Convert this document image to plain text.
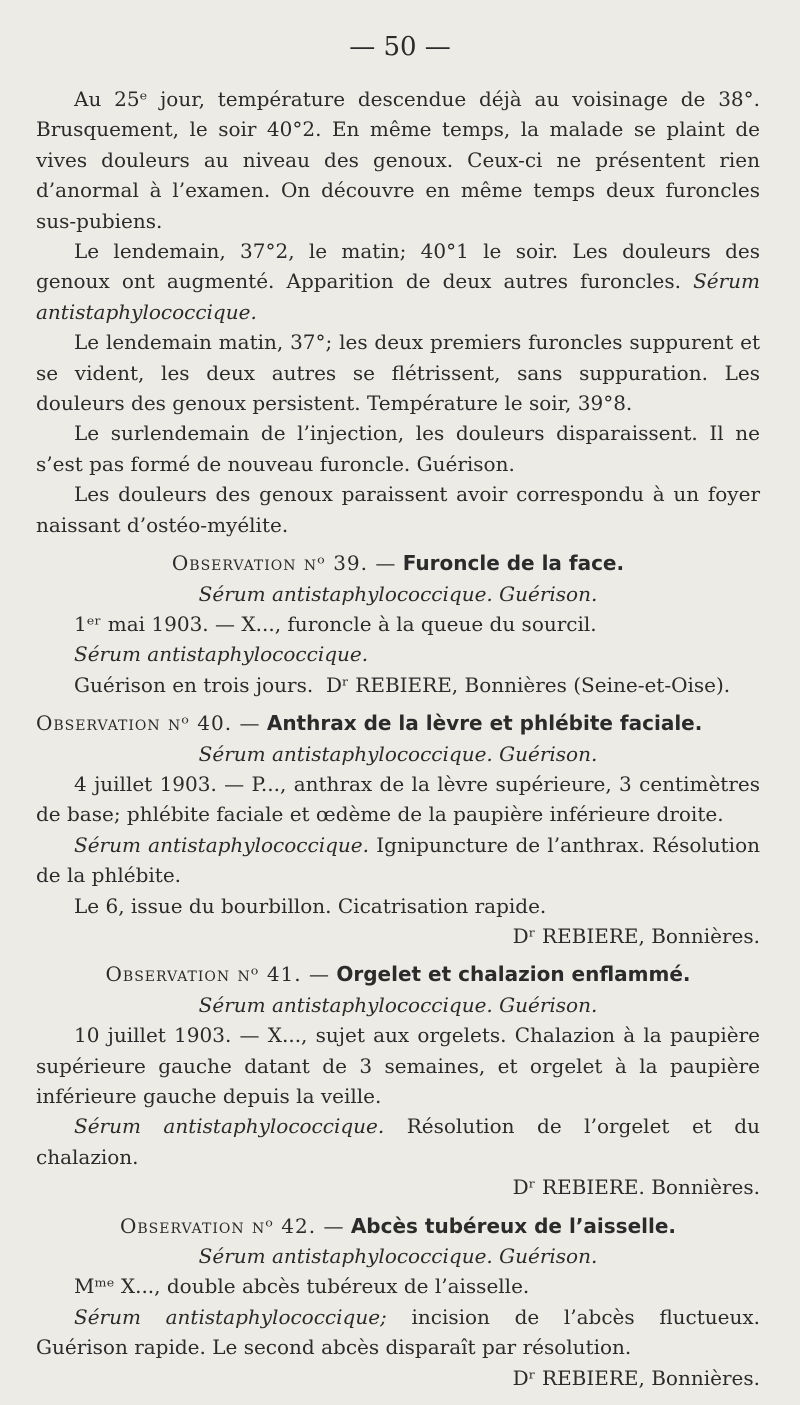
— 50 —

Au 25ᵉ jour, température descendue déjà au voisinage de 38°. Brusquement, le soir 40°2. En même temps, la malade se plaint de vives douleurs au niveau des genoux. Ceux-ci ne présentent rien d’anormal à l’examen. On découvre en même temps deux furoncles sus-pubiens.

Le lendemain, 37°2, le matin; 40°1 le soir. Les douleurs des genoux ont augmenté. Apparition de deux autres furoncles. Sérum antistaphylococcique.

Le lendemain matin, 37°; les deux premiers furoncles suppurent et se vident, les deux autres se flétrissent, sans suppuration. Les douleurs des genoux persistent. Température le soir, 39°8.

Le surlendemain de l’injection, les douleurs disparaissent. Il ne s’est pas formé de nouveau furoncle. Guérison.

Les douleurs des genoux paraissent avoir correspondu à un foyer naissant d’ostéo-myélite.

Observation nᵒ 39. — Furoncle de la face.

Sérum antistaphylococcique. Guérison.

1ᵉʳ mai 1903. — X..., furoncle à la queue du sourcil.

Sérum antistaphylococcique.

Guérison en trois jours.  Dʳ REBIERE, Bonnières (Seine-et-Oise).

Observation nᵒ 40. — Anthrax de la lèvre et phlébite faciale.

Sérum antistaphylococcique. Guérison.

4 juillet 1903. — P..., anthrax de la lèvre supérieure, 3 centimètres de base; phlébite faciale et œdème de la paupière inférieure droite.

Sérum antistaphylococcique. Ignipuncture de l’anthrax. Résolution de la phlébite.

Le 6, issue du bourbillon. Cicatrisation rapide.

Dʳ REBIERE, Bonnières.

Observation nᵒ 41. — Orgelet et chalazion enflammé.

Sérum antistaphylococcique. Guérison.

10 juillet 1903. — X..., sujet aux orgelets. Chalazion à la paupière supérieure gauche datant de 3 semaines, et orgelet à la paupière inférieure gauche depuis la veille.

Sérum antistaphylococcique. Résolution de l’orgelet et du chalazion.

Dʳ REBIERE. Bonnières.

Observation nᵒ 42. — Abcès tubéreux de l’aisselle.

Sérum antistaphylococcique. Guérison.

Mᵐᵉ X..., double abcès tubéreux de l’aisselle.

Sérum antistaphylococcique; incision de l’abcès fluctueux. Guérison rapide. Le second abcès disparaît par résolution.

Dʳ REBIERE, Bonnières.
